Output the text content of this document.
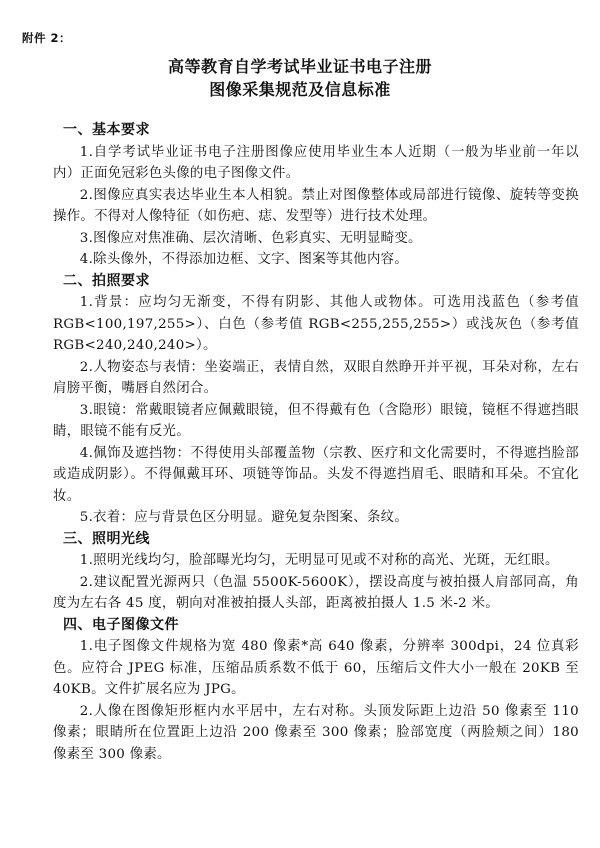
附件 2：
高等教育自学考试毕业证书电子注册
图像采集规范及信息标准
一、基本要求

1.自学考试毕业证书电子注册图像应使用毕业生本人近期（一般为毕业前一年以内）正面免冠彩色头像的电子图像文件。

2.图像应真实表达毕业生本人相貌。禁止对图像整体或局部进行镜像、旋转等变换操作。不得对人像特征（如伤疤、痣、发型等）进行技术处理。

3.图像应对焦准确、层次清晰、色彩真实、无明显畸变。

4.除头像外，不得添加边框、文字、图案等其他内容。

二、拍照要求

1.背景：应均匀无渐变，不得有阴影、其他人或物体。可选用浅蓝色（参考值 RGB<100,197,255>）、白色（参考值 RGB<255,255,255>）或浅灰色（参考值 RGB<240,240,240>）。

2.人物姿态与表情：坐姿端正，表情自然，双眼自然睁开并平视，耳朵对称，左右肩膀平衡，嘴唇自然闭合。

3.眼镜：常戴眼镜者应佩戴眼镜，但不得戴有色（含隐形）眼镜，镜框不得遮挡眼睛，眼镜不能有反光。

4.佩饰及遮挡物：不得使用头部覆盖物（宗教、医疗和文化需要时，不得遮挡脸部或造成阴影）。不得佩戴耳环、项链等饰品。头发不得遮挡眉毛、眼睛和耳朵。不宜化妆。

5.衣着：应与背景色区分明显。避免复杂图案、条纹。

三、照明光线

1.照明光线均匀，脸部曝光均匀，无明显可见或不对称的高光、光斑，无红眼。

2.建议配置光源两只（色温 5500K-5600K），摆设高度与被拍摄人肩部同高，角度为左右各 45 度，朝向对准被拍摄人头部，距离被拍摄人 1.5 米-2 米。

四、电子图像文件

1.电子图像文件规格为宽 480 像素*高 640 像素，分辨率 300dpi，24 位真彩色。应符合 JPEG 标准，压缩品质系数不低于 60，压缩后文件大小一般在 20KB 至 40KB。文件扩展名应为 JPG。

2.人像在图像矩形框内水平居中，左右对称。头顶发际距上边沿 50 像素至 110 像素；眼睛所在位置距上边沿 200 像素至 300 像素；脸部宽度（两脸颊之间）180 像素至 300 像素。
